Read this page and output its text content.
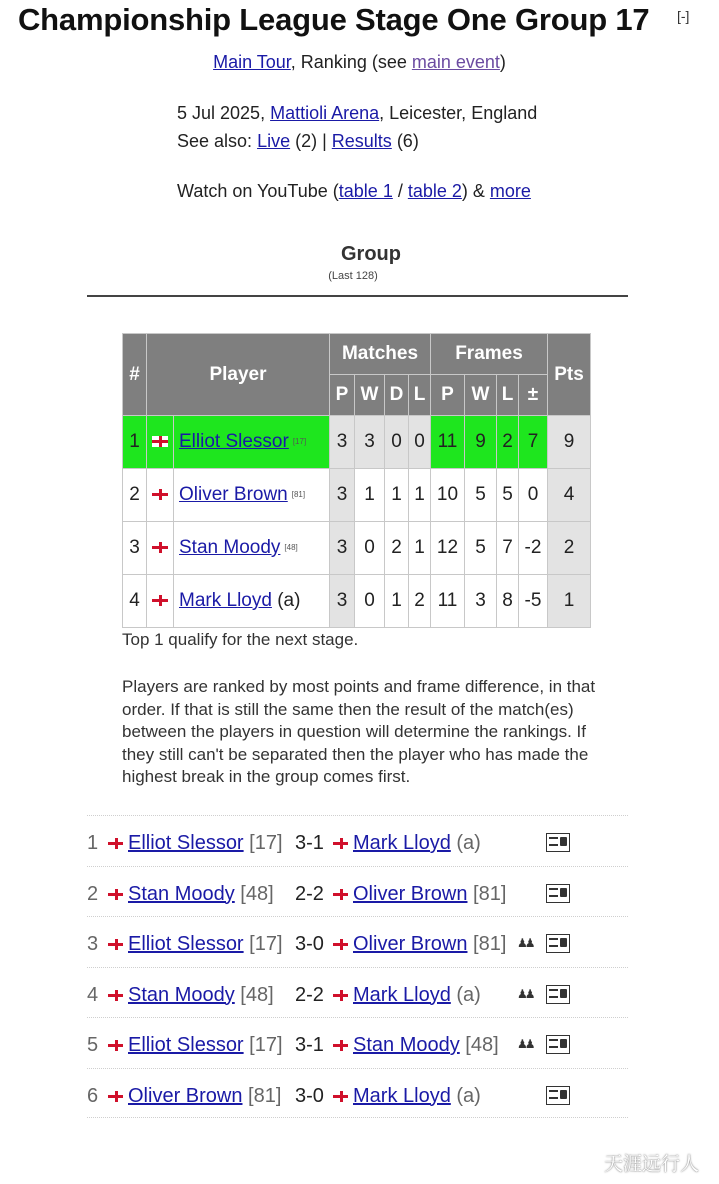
Championship League Stage One Group 17 [-]
Main Tour, Ranking (see main event)
5 Jul 2025, Mattioli Arena, Leicester, England
See also: Live (2) | Results (6)
Watch on YouTube (table 1 / table 2) & more
Group
(Last 128)
#	Player		Matches				Frames				Pts
			P	W	D	L	P	W	L	±	
1		Elliot Slessor [17]	3	3	0	0	11	9	2	7	9
2		Oliver Brown [81]	3	1	1	1	10	5	5	0	4
3		Stan Moody [48]	3	0	2	1	12	5	7	-2	2
4		Mark Lloyd (a)	3	0	1	2	11	3	8	-5	1
Top 1 qualify for the next stage.
Players are ranked by most points and frame difference, in that order. If that is still the same then the result of the match(es) between the players in question will determine the rankings. If they still can't be separated then the player who has made the highest break in the group comes first.
1	Elliot Slessor [17] 3-1	Mark Lloyd (a)
2	Stan Moody [48] 2-2	Oliver Brown [81]
3	Elliot Slessor [17] 3-0	Oliver Brown [81] ♟♟
4	Stan Moody [48] 2-2	Mark Lloyd (a)	♟♟
5	Elliot Slessor [17] 3-1	Stan Moody [48] ♟♟
6	Oliver Brown [81] 3-0	Mark Lloyd (a)
天涯远行人
